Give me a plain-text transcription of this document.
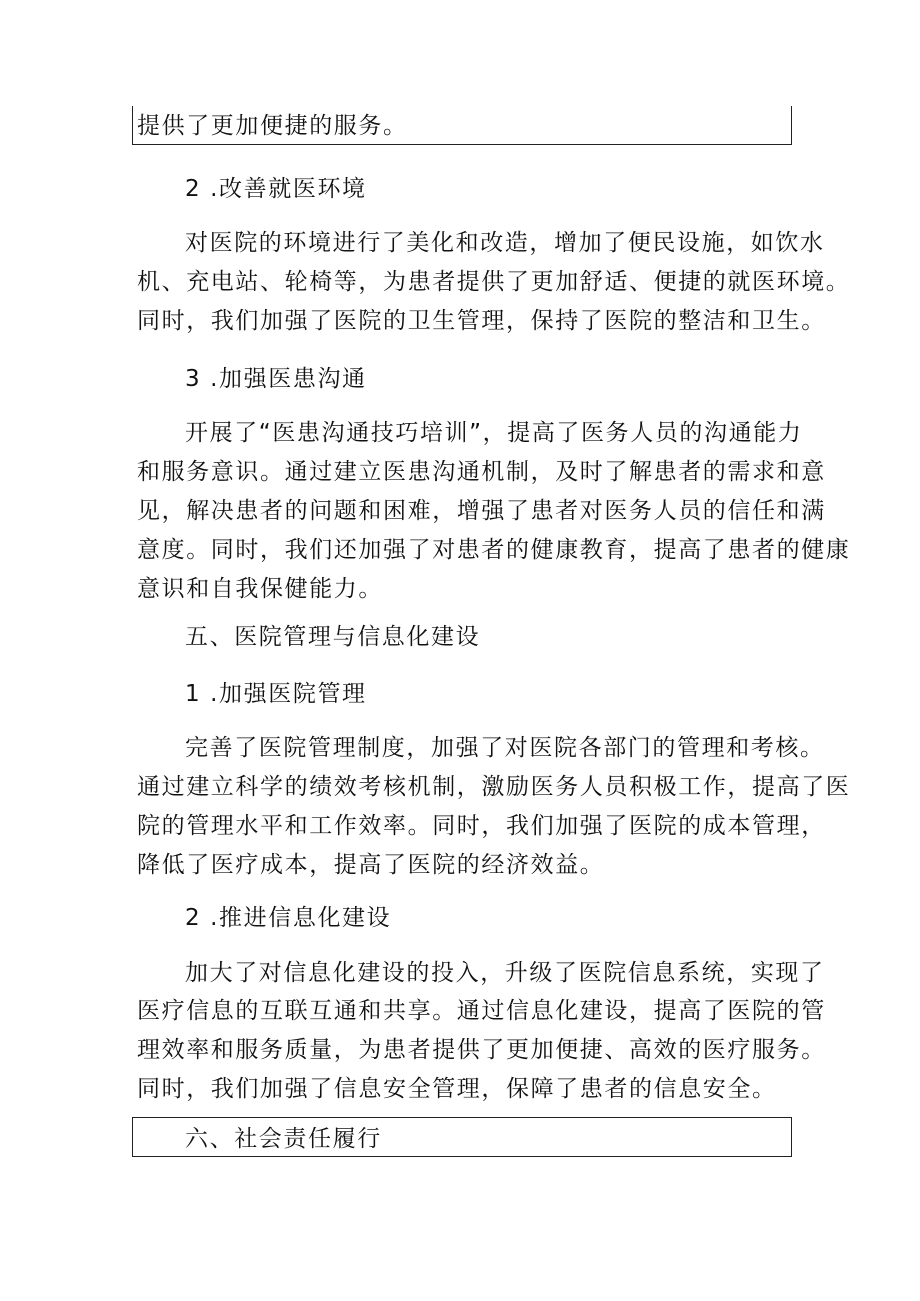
提供了更加便捷的服务。
2 .改善就医环境
对医院的环境进行了美化和改造，增加了便民设施，如饮水
机、充电站、轮椅等，为患者提供了更加舒适、便捷的就医环境。
同时，我们加强了医院的卫生管理，保持了医院的整洁和卫生。
3 .加强医患沟通
开展了“医患沟通技巧培训”，提高了医务人员的沟通能力
和服务意识。通过建立医患沟通机制，及时了解患者的需求和意
见，解决患者的问题和困难，增强了患者对医务人员的信任和满
意度。同时，我们还加强了对患者的健康教育，提高了患者的健康
意识和自我保健能力。
五、医院管理与信息化建设
1 .加强医院管理
完善了医院管理制度，加强了对医院各部门的管理和考核。
通过建立科学的绩效考核机制，激励医务人员积极工作，提高了医
院的管理水平和工作效率。同时，我们加强了医院的成本管理，
降低了医疗成本，提高了医院的经济效益。
2 .推进信息化建设
加大了对信息化建设的投入，升级了医院信息系统，实现了
医疗信息的互联互通和共享。通过信息化建设，提高了医院的管
理效率和服务质量，为患者提供了更加便捷、高效的医疗服务。
同时，我们加强了信息安全管理，保障了患者的信息安全。
六、社会责任履行
